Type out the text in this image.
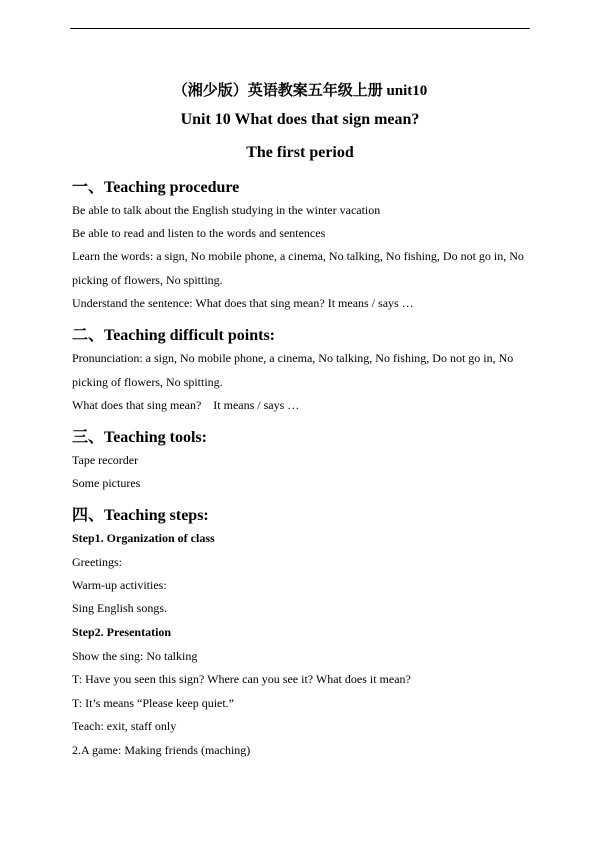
（湘少版）英语教案五年级上册 unit10
Unit 10 What does that sign mean?
The first period
一、Teaching procedure
Be able to talk about the English studying in the winter vacation
Be able to read and listen to the words and sentences
Learn the words: a sign, No mobile phone, a cinema, No talking, No fishing, Do not go in, No
picking of flowers, No spitting.
Understand the sentence: What does that sing mean? It means / says …
二、Teaching difficult points:
Pronunciation: a sign, No mobile phone, a cinema, No talking, No fishing, Do not go in, No
picking of flowers, No spitting.
What does that sing mean?    It means / says …
三、Teaching tools:
Tape recorder
Some pictures
四、Teaching steps:
Step1. Organization of class
Greetings:
Warm-up activities:
Sing English songs.
Step2. Presentation
Show the sing: No talking
T: Have you seen this sign? Where can you see it? What does it mean?
T: It’s means “Please keep quiet.”
Teach: exit, staff only
2.A game: Making friends (maching)
